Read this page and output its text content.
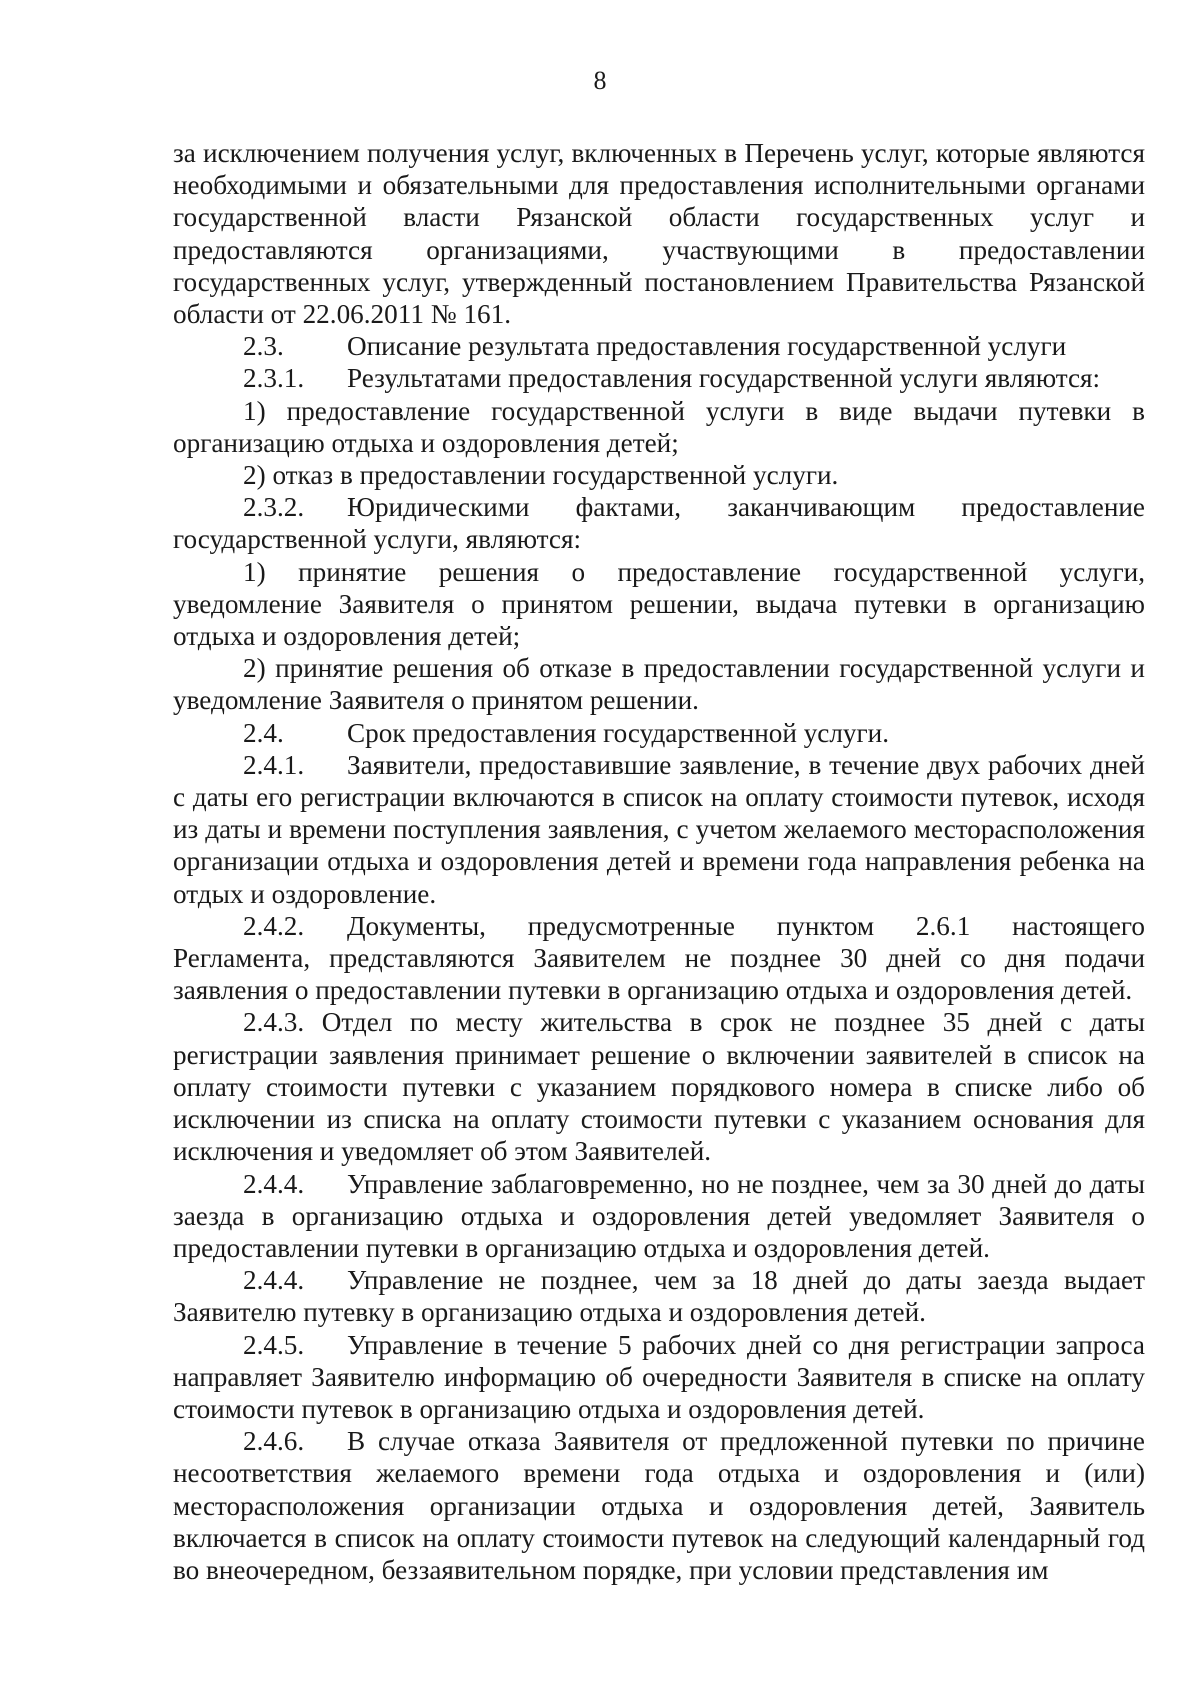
8
за исключением получения услуг, включенных в Перечень услуг, которые являются необходимыми и обязательными для предоставления исполнительными органами государственной власти Рязанской области государственных услуг и предоставляются организациями, участвующими в предоставлении государственных услуг, утвержденный постановлением Правительства Рязанской области от 22.06.2011 № 161.
2.3. Описание результата предоставления государственной услуги
2.3.1. Результатами предоставления государственной услуги являются:
1) предоставление государственной услуги в виде выдачи путевки в организацию отдыха и оздоровления детей;
2) отказ в предоставлении государственной услуги.
2.3.2. Юридическими фактами, заканчивающим предоставление государственной услуги, являются:
1) принятие решения о предоставление государственной услуги, уведомление Заявителя о принятом решении, выдача путевки в организацию отдыха и оздоровления детей;
2) принятие решения об отказе в предоставлении государственной услуги и уведомление Заявителя о принятом решении.
2.4. Срок предоставления государственной услуги.
2.4.1. Заявители, предоставившие заявление, в течение двух рабочих дней с даты его регистрации включаются в список на оплату стоимости путевок, исходя из даты и времени поступления заявления, с учетом желаемого месторасположения организации отдыха и оздоровления детей и времени года направления ребенка на отдых и оздоровление.
2.4.2. Документы, предусмотренные пунктом 2.6.1 настоящего Регламента, представляются Заявителем не позднее 30 дней со дня подачи заявления о предоставлении путевки в организацию отдыха и оздоровления детей.
2.4.3. Отдел по месту жительства в срок не позднее 35 дней с даты регистрации заявления принимает решение о включении заявителей в список на оплату стоимости путевки с указанием порядкового номера в списке либо об исключении из списка на оплату стоимости путевки с указанием основания для исключения и уведомляет об этом Заявителей.
2.4.4. Управление заблаговременно, но не позднее, чем за 30 дней до даты заезда в организацию отдыха и оздоровления детей уведомляет Заявителя о предоставлении путевки в организацию отдыха и оздоровления детей.
2.4.4. Управление не позднее, чем за 18 дней до даты заезда выдает Заявителю путевку в организацию отдыха и оздоровления детей.
2.4.5. Управление в течение 5 рабочих дней со дня регистрации запроса направляет Заявителю информацию об очередности Заявителя в списке на оплату стоимости путевок в организацию отдыха и оздоровления детей.
2.4.6. В случае отказа Заявителя от предложенной путевки по причине несоответствия желаемого времени года отдыха и оздоровления и (или) месторасположения организации отдыха и оздоровления детей, Заявитель включается в список на оплату стоимости путевок на следующий календарный год во внеочередном, беззаявительном порядке, при условии представления им
